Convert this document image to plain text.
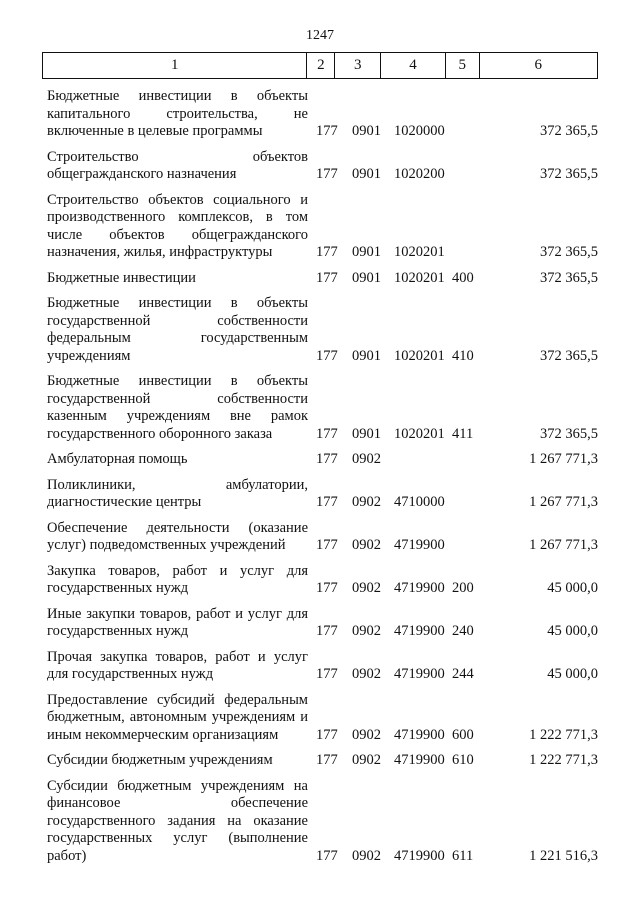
1247
1	2	3	4	5	6
Бюджетные инвестиции в объекты капитального строительства, не включенные в целевые программы	177 0901 1020000	372 365,5
Строительство объектов общегражданского назначения	177 0901 1020200	372 365,5
Строительство объектов социального и производственного комплексов, в том числе объектов общегражданского назначения, жилья, инфраструктуры	177 0901 1020201	372 365,5
Бюджетные инвестиции	177 0901 1020201 400	372 365,5
Бюджетные инвестиции в объекты государственной собственности федеральным государственным учреждениям	177 0901 1020201 410	372 365,5
Бюджетные инвестиции в объекты государственной собственности казенным учреждениям вне рамок государственного оборонного заказа	177 0901 1020201 411	372 365,5
Амбулаторная помощь	177 0902	1 267 771,3
Поликлиники, амбулатории, диагностические центры	177 0902 4710000	1 267 771,3
Обеспечение деятельности (оказание услуг) подведомственных учреждений	177 0902 4719900	1 267 771,3
Закупка товаров, работ и услуг для государственных нужд	177 0902 4719900 200	45 000,0
Иные закупки товаров, работ и услуг для государственных нужд	177 0902 4719900 240	45 000,0
Прочая закупка товаров, работ и услуг для государственных нужд	177 0902 4719900 244	45 000,0
Предоставление субсидий федеральным бюджетным, автономным учреждениям и иным некоммерческим организациям	177 0902 4719900 600	1 222 771,3
Субсидии бюджетным учреждениям	177 0902 4719900 610	1 222 771,3
Субсидии бюджетным учреждениям на финансовое обеспечение государственного задания на оказание государственных услуг (выполнение работ)	177 0902 4719900 611	1 221 516,3
